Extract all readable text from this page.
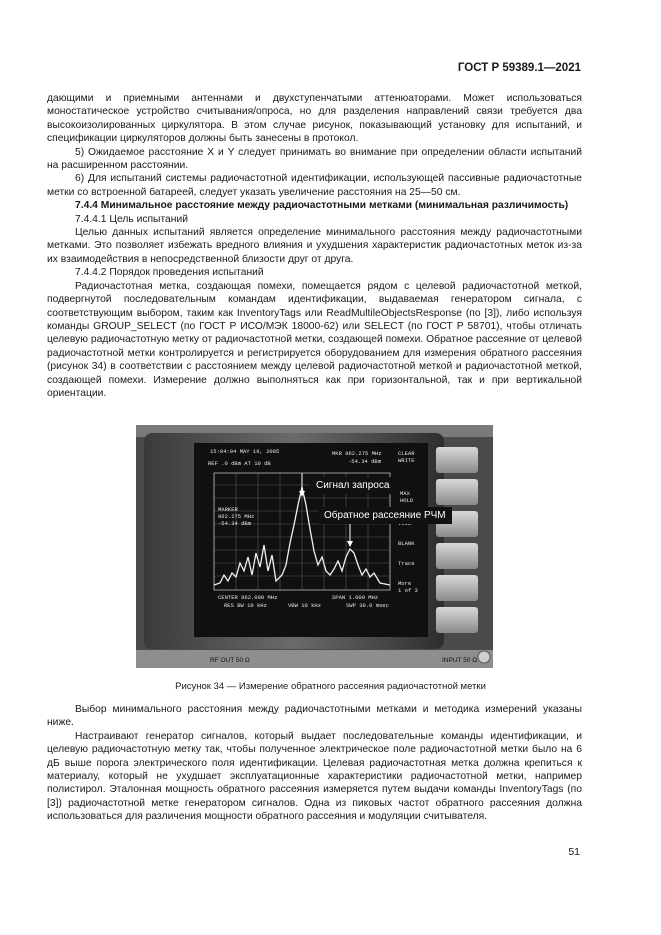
ГОСТ Р 59389.1—2021

дающими и приемными антеннами и двухступенчатыми аттенюаторами. Может использоваться моностатическое устройство считывания/опроса, но для разделения направлений связи требуется два высокоизолированных циркулятора. В этом случае рисунок, показывающий установку для испытаний, и спецификации циркуляторов должны быть занесены в протокол.

5) Ожидаемое расстояние X и Y следует принимать во внимание при определении области испытаний на расширенном расстоянии.

6) Для испытаний системы радиочастотной идентификации, использующей пассивные радиочастотные метки со встроенной батареей, следует указать увеличение расстояния на 25—50 см.

7.4.4 Минимальное расстояние между радиочастотными метками (минимальная различимость)

7.4.4.1 Цель испытаний

Целью данных испытаний является определение минимального расстояния между радиочастотными метками. Это позволяет избежать вредного влияния и ухудшения характеристик радиочастотных меток из-за их взаимодействия в непосредственной близости друг от друга.

7.4.4.2 Порядок проведения испытаний

Радиочастотная метка, создающая помехи, помещается рядом с целевой радиочастотной меткой, подвергнутой последовательным командам идентификации, выдаваемая генератором сигнала, с соответствующим выбором, таким как InventoryTags или ReadMultileObjectsResponse (по [3]), либо используя команды GROUP_SELECT (по ГОСТ Р ИСО/МЭК 18000-62) или SELECT (по ГОСТ Р 58701), чтобы отличать целевую радиочастотную метку от радиочастотной метки, создающей помехи. Обратное рассеяние от целевой радиочастотной метки контролируется и регистрируется оборудованием для измерения обратного рассеяния (рисунок 34) в соответствии с расстоянием между целевой радиочастотной меткой и радиочастотной меткой, создающей помехи. Измерение должно выполняться как при горизонтальной, так и при вертикальной ориентации.

15:04:04 MAY 19, 2005
REF .0 dBm AT 10 dB
MKR 962.275 MHz
-54.34 dBm
MARKER
962.275 MHz
-54.34 dBm
CENTER 962.000 MHz	SPAN 1.000 MHz
RES BW 10 kHz	VBW 10 kHz	SWP 30.0 msec
CLEAR
WRITE
MAX
HOLD
BLANK
Trace
More
1 of 3
RF OUT 50 Ω	INPUT 50 Ω
Сигнал запроса
Обратное рассеяние РЧМ
Рисунок 34 — Измерение обратного рассеяния радиочастотной метки

Выбор минимального расстояния между радиочастотными метками и методика измерений указаны ниже.

Настраивают генератор сигналов, который выдает последовательные команды идентификации, и целевую радиочастотную метку так, чтобы полученное электрическое поле радиочастотной метки было на 6 дБ выше порога электрического поля идентификации. Целевая радиочастотная метка должна крепиться к материалу, который не ухудшает эксплуатационные характеристики радиочастотной метки, например полистирол. Эталонная мощность обратного рассеяния измеряется путем выдачи команды InventoryTags (по [3]) радиочастотной метке генератором сигналов. Одна из пиковых частот обратного рассеяния должна использоваться для различения мощности обратного рассеяния и модуляции считывателя.

51
